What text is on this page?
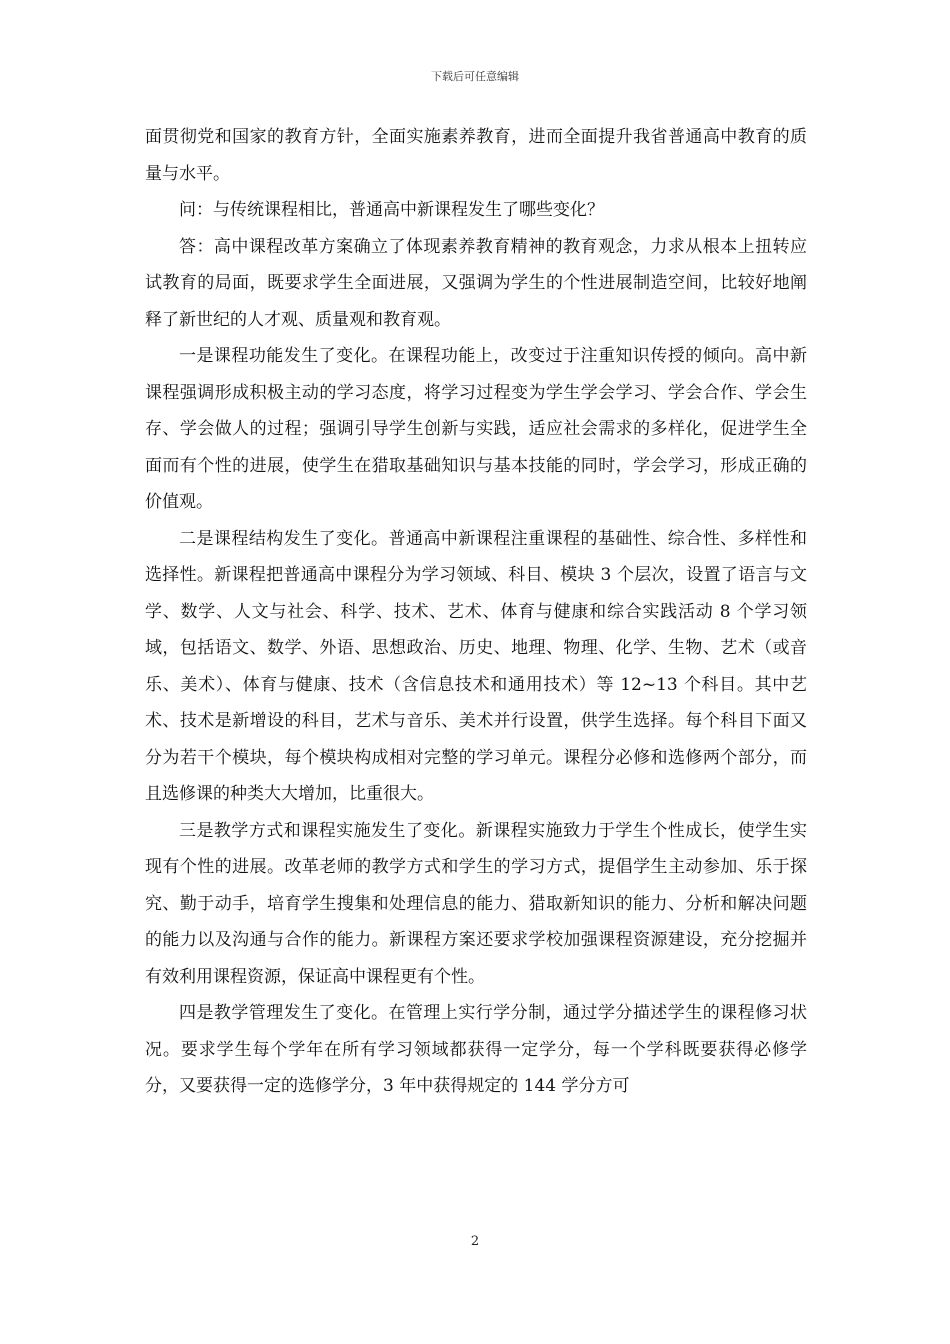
下载后可任意编辑

面贯彻党和国家的教育方针，全面实施素养教育，进而全面提升我省普通高中教育的质量与水平。

问：与传统课程相比，普通高中新课程发生了哪些变化？

答：高中课程改革方案确立了体现素养教育精神的教育观念，力求从根本上扭转应试教育的局面，既要求学生全面进展，又强调为学生的个性进展制造空间，比较好地阐释了新世纪的人才观、质量观和教育观。

一是课程功能发生了变化。在课程功能上，改变过于注重知识传授的倾向。高中新课程强调形成积极主动的学习态度，将学习过程变为学生学会学习、学会合作、学会生存、学会做人的过程；强调引导学生创新与实践，适应社会需求的多样化，促进学生全面而有个性的进展，使学生在猎取基础知识与基本技能的同时，学会学习，形成正确的价值观。

二是课程结构发生了变化。普通高中新课程注重课程的基础性、综合性、多样性和选择性。新课程把普通高中课程分为学习领域、科目、模块 3 个层次，设置了语言与文学、数学、人文与社会、科学、技术、艺术、体育与健康和综合实践活动 8 个学习领域，包括语文、数学、外语、思想政治、历史、地理、物理、化学、生物、艺术（或音乐、美术）、体育与健康、技术（含信息技术和通用技术）等 12~13 个科目。其中艺术、技术是新增设的科目，艺术与音乐、美术并行设置，供学生选择。每个科目下面又分为若干个模块，每个模块构成相对完整的学习单元。课程分必修和选修两个部分，而且选修课的种类大大增加，比重很大。

三是教学方式和课程实施发生了变化。新课程实施致力于学生个性成长，使学生实现有个性的进展。改革老师的教学方式和学生的学习方式，提倡学生主动参加、乐于探究、勤于动手，培育学生搜集和处理信息的能力、猎取新知识的能力、分析和解决问题的能力以及沟通与合作的能力。新课程方案还要求学校加强课程资源建设，充分挖掘并有效利用课程资源，保证高中课程更有个性。

四是教学管理发生了变化。在管理上实行学分制，通过学分描述学生的课程修习状况。要求学生每个学年在所有学习领域都获得一定学分，每一个学科既要获得必修学分，又要获得一定的选修学分，3 年中获得规定的 144 学分方可

2
